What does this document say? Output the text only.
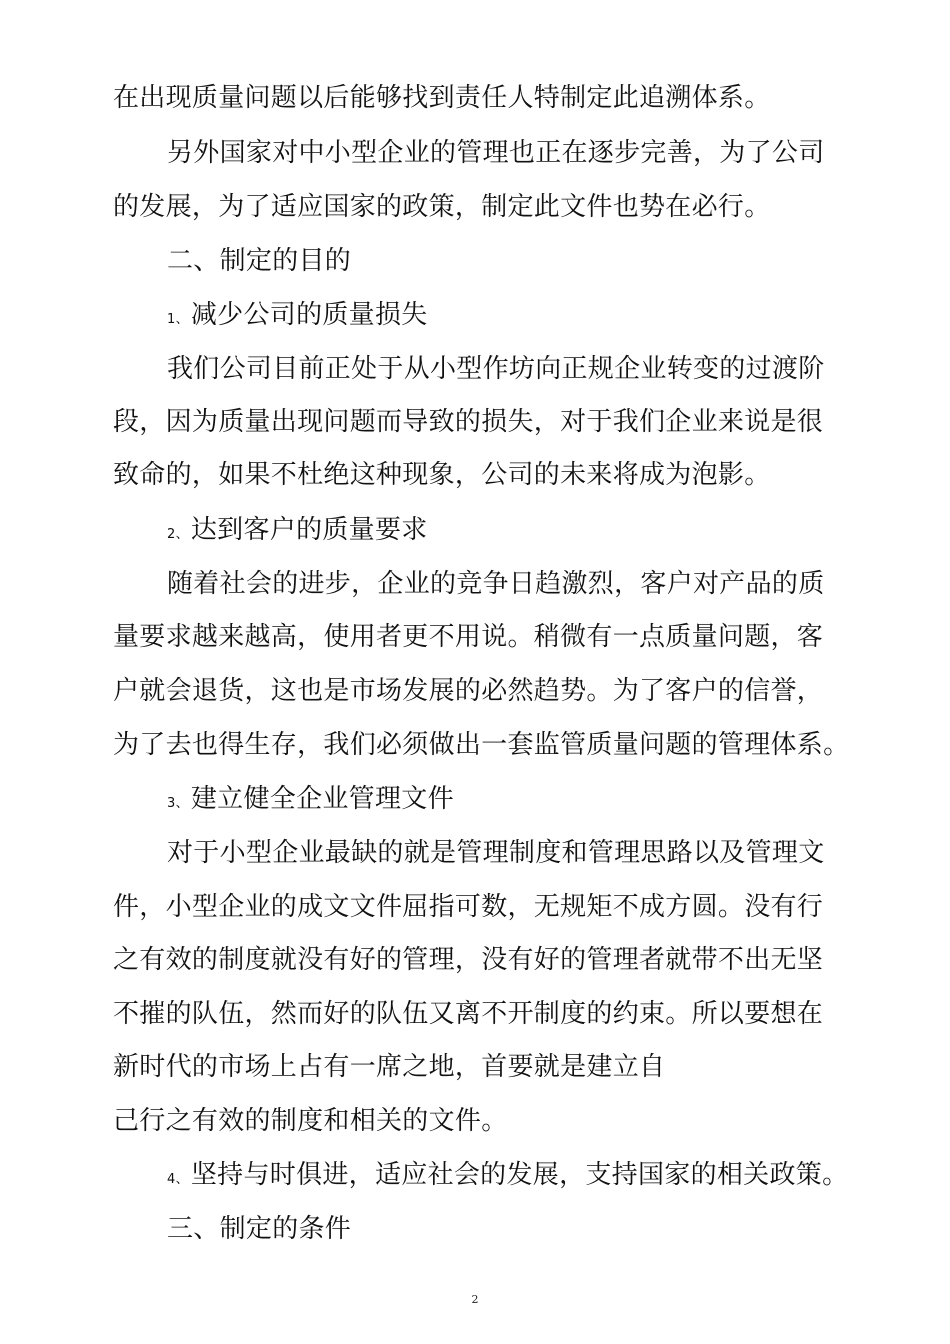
在出现质量问题以后能够找到责任人特制定此追溯体系。
另外国家对中小型企业的管理也正在逐步完善，为了公司
的发展，为了适应国家的政策，制定此文件也势在必行。
二、制定的目的
1、减少公司的质量损失
我们公司目前正处于从小型作坊向正规企业转变的过渡阶
段，因为质量出现问题而导致的损失，对于我们企业来说是很
致命的，如果不杜绝这种现象，公司的未来将成为泡影。
2、达到客户的质量要求
随着社会的进步，企业的竞争日趋激烈，客户对产品的质
量要求越来越高，使用者更不用说。稍微有一点质量问题，客
户就会退货，这也是市场发展的必然趋势。为了客户的信誉，
为了去也得生存，我们必须做出一套监管质量问题的管理体系。
3、建立健全企业管理文件
对于小型企业最缺的就是管理制度和管理思路以及管理文
件，小型企业的成文文件屈指可数，无规矩不成方圆。没有行
之有效的制度就没有好的管理，没有好的管理者就带不出无坚
不摧的队伍，然而好的队伍又离不开制度的约束。所以要想在
新时代的市场上占有一席之地，首要就是建立自
己行之有效的制度和相关的文件。
4、坚持与时俱进，适应社会的发展，支持国家的相关政策。
三、制定的条件
2
